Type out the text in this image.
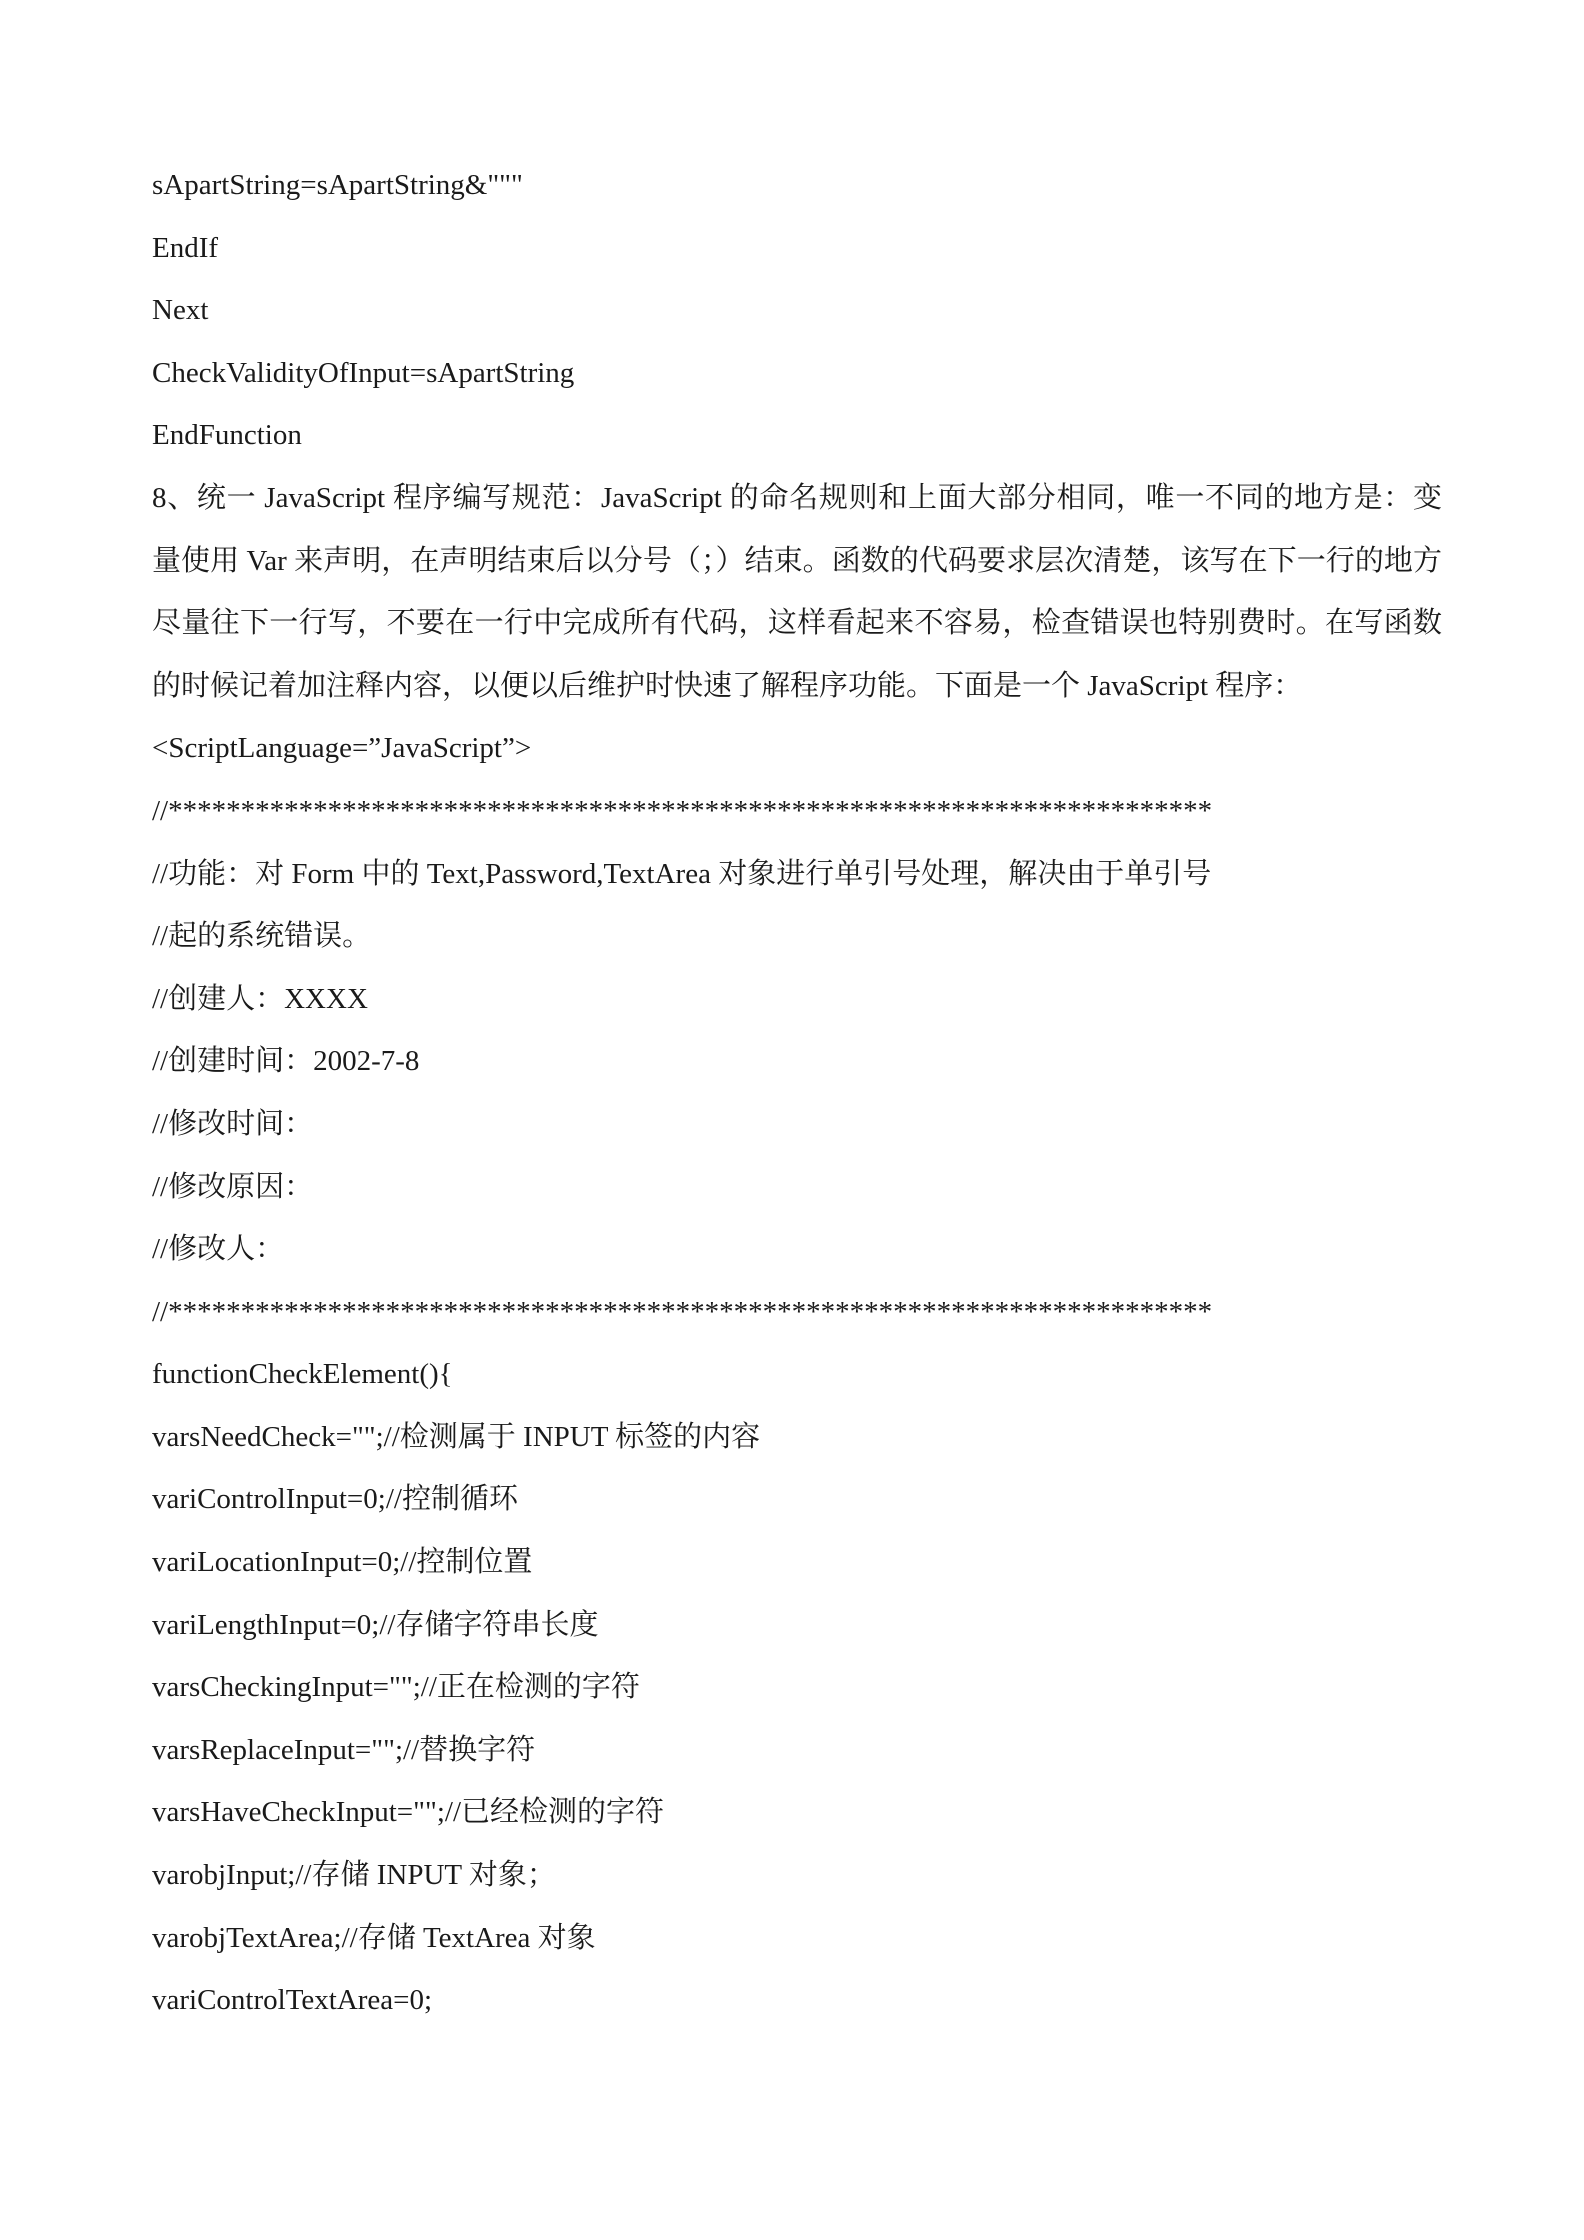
sApartString=sApartString&"""
EndIf
Next
CheckValidityOfInput=sApartString
EndFunction
8、统一 JavaScript 程序编写规范：JavaScript 的命名规则和上面大部分相同，唯一不同的地方是：变量使用 Var 来声明，在声明结束后以分号（；）结束。函数的代码要求层次清楚，该写在下一行的地方尽量往下一行写，不要在一行中完成所有代码，这样看起来不容易，检查错误也特别费时。在写函数的时候记着加注释内容，以便以后维护时快速了解程序功能。下面是一个 JavaScript 程序：
<ScriptLanguage=”JavaScript”>
//************************************************************************
//功能：对 Form 中的 Text,Password,TextArea 对象进行单引号处理，解决由于单引号
//起的系统错误。
//创建人：XXXX
//创建时间：2002-7-8
//修改时间：
//修改原因：
//修改人：
//************************************************************************
functionCheckElement(){
varsNeedCheck="";//检测属于 INPUT 标签的内容
variControlInput=0;//控制循环
variLocationInput=0;//控制位置
variLengthInput=0;//存储字符串长度
varsCheckingInput="";//正在检测的字符
varsReplaceInput="";//替换字符
varsHaveCheckInput="";//已经检测的字符
varobjInput;//存储 INPUT 对象；
varobjTextArea;//存储 TextArea 对象
variControlTextArea=0;
